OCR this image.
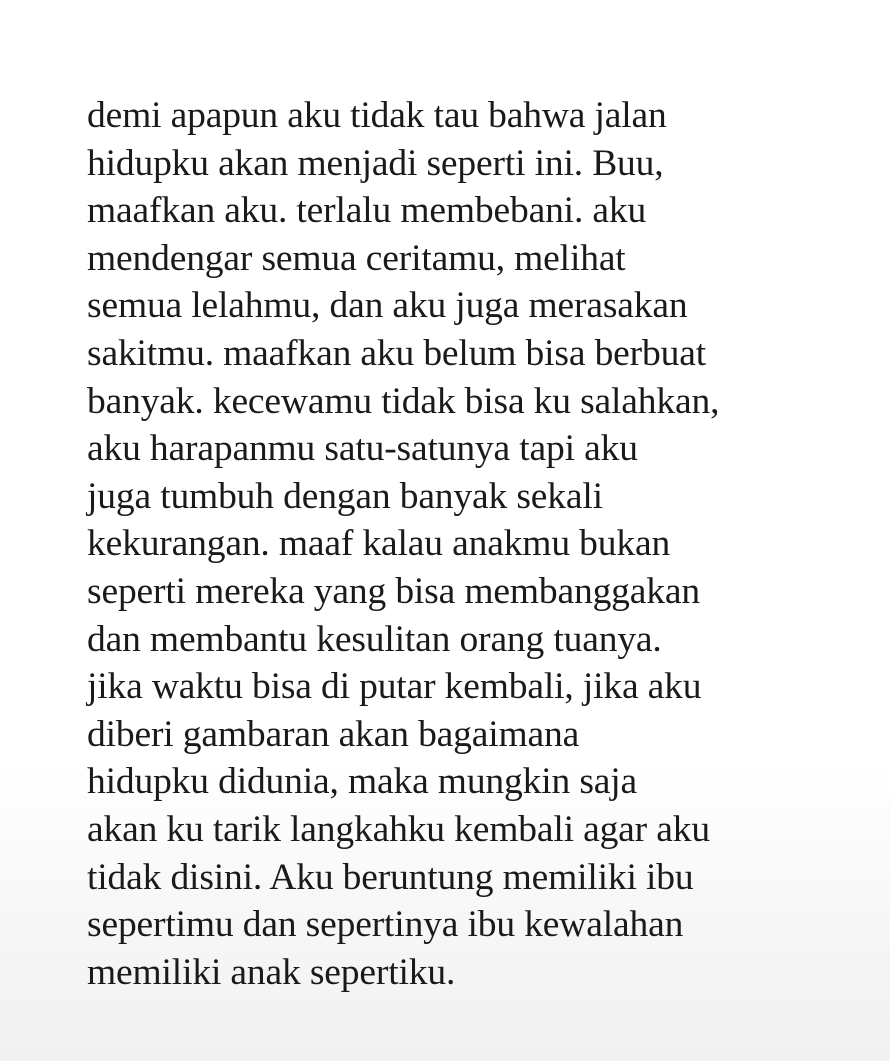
demi apapun aku tidak tau bahwa jalan
hidupku akan menjadi seperti ini. Buu,
maafkan aku. terlalu membebani. aku
mendengar semua ceritamu, melihat
semua lelahmu, dan aku juga merasakan
sakitmu. maafkan aku belum bisa berbuat
banyak. kecewamu tidak bisa ku salahkan,
aku harapanmu satu-satunya tapi aku
juga tumbuh dengan banyak sekali
kekurangan. maaf kalau anakmu bukan
seperti mereka yang bisa membanggakan
dan membantu kesulitan orang tuanya.
jika waktu bisa di putar kembali, jika aku
diberi gambaran akan bagaimana
hidupku didunia, maka mungkin saja
akan ku tarik langkahku kembali agar aku
tidak disini. Aku beruntung memiliki ibu
sepertimu dan sepertinya ibu kewalahan
memiliki anak sepertiku.
